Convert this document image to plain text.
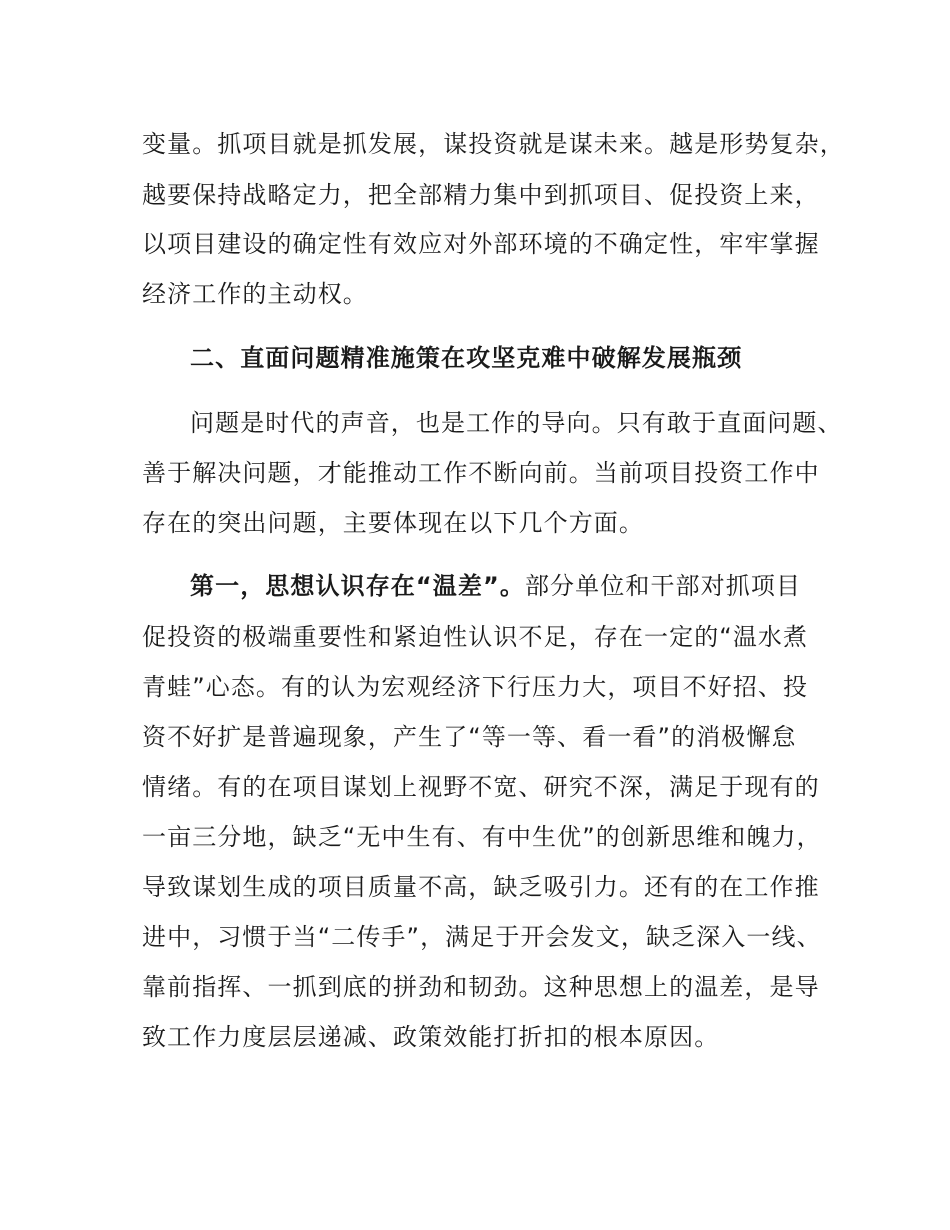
变量。抓项目就是抓发展，谋投资就是谋未来。越是形势复杂，
越要保持战略定力，把全部精力集中到抓项目、促投资上来，
以项目建设的确定性有效应对外部环境的不确定性，牢牢掌握
经济工作的主动权。
二、直面问题精准施策在攻坚克难中破解发展瓶颈
问题是时代的声音，也是工作的导向。只有敢于直面问题、
善于解决问题，才能推动工作不断向前。当前项目投资工作中
存在的突出问题，主要体现在以下几个方面。
第一，思想认识存在“温差”。部分单位和干部对抓项目
促投资的极端重要性和紧迫性认识不足，存在一定的“温水煮
青蛙”心态。有的认为宏观经济下行压力大，项目不好招、投
资不好扩是普遍现象，产生了“等一等、看一看”的消极懈怠
情绪。有的在项目谋划上视野不宽、研究不深，满足于现有的
一亩三分地，缺乏“无中生有、有中生优”的创新思维和魄力，
导致谋划生成的项目质量不高，缺乏吸引力。还有的在工作推
进中，习惯于当“二传手”，满足于开会发文，缺乏深入一线、
靠前指挥、一抓到底的拼劲和韧劲。这种思想上的温差，是导
致工作力度层层递减、政策效能打折扣的根本原因。
